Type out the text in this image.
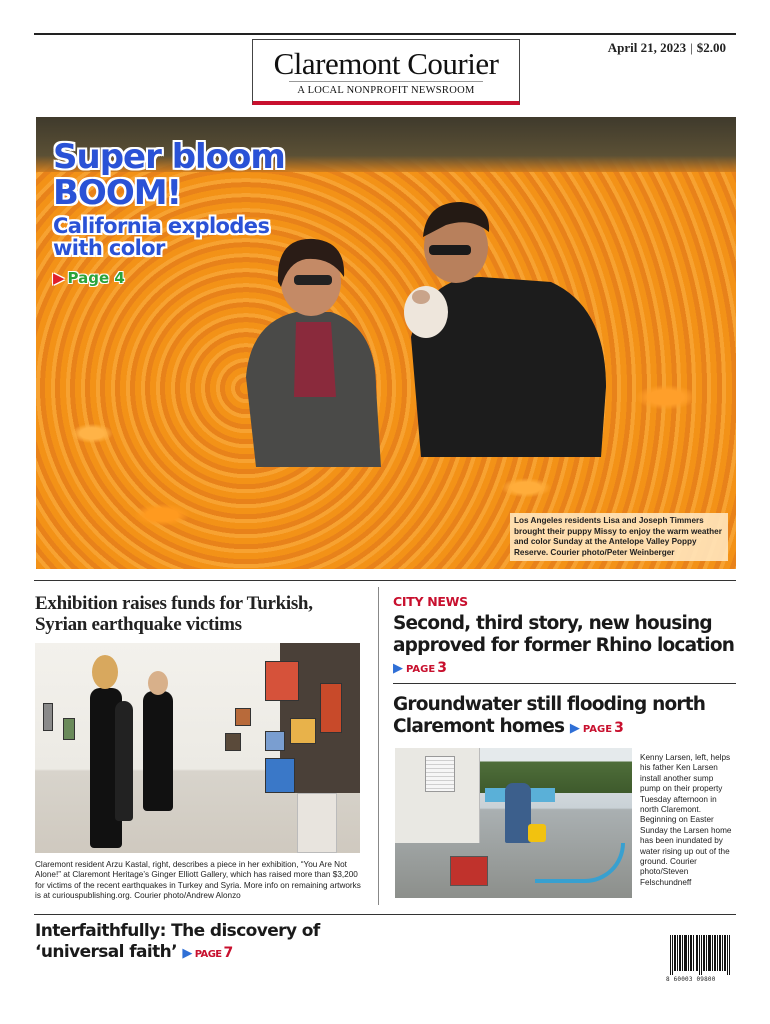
April 21, 2023 | $2.00
Claremont Courier
A LOCAL NONPROFIT NEWSROOM
Super bloom
BOOM!
California explodes
with color
▶ Page 4
Los Angeles residents Lisa and Joseph Timmers brought their puppy Missy to enjoy the warm weather and color Sunday at the Antelope Valley Poppy Reserve. Courier photo/Peter Weinberger
Exhibition raises funds for Turkish,
Syrian earthquake victims
Claremont resident Arzu Kastal, right, describes a piece in her exhibition, “You Are Not Alone!” at Claremont Heritage’s Ginger Elliott Gallery, which has raised more than $3,200 for victims of the recent earthquakes in Turkey and Syria. More info on remaining artworks is at curiouspublishing.org. Courier photo/Andrew Alonzo
CITY NEWS
Second, third story, new housing
approved for former Rhino location
▶ PAGE 3
Groundwater still flooding north
Claremont homes ▶ PAGE 3
Kenny Larsen, left, helps his father Ken Larsen install another sump pump on their property Tuesday afternoon in north Claremont. Beginning on Easter Sunday the Larsen home has been inundated by water rising up out of the ground. Courier photo/Steven Felschundneff
Interfaithfully: The discovery of
‘universal faith’ ▶ PAGE 7
8 60003 09800
